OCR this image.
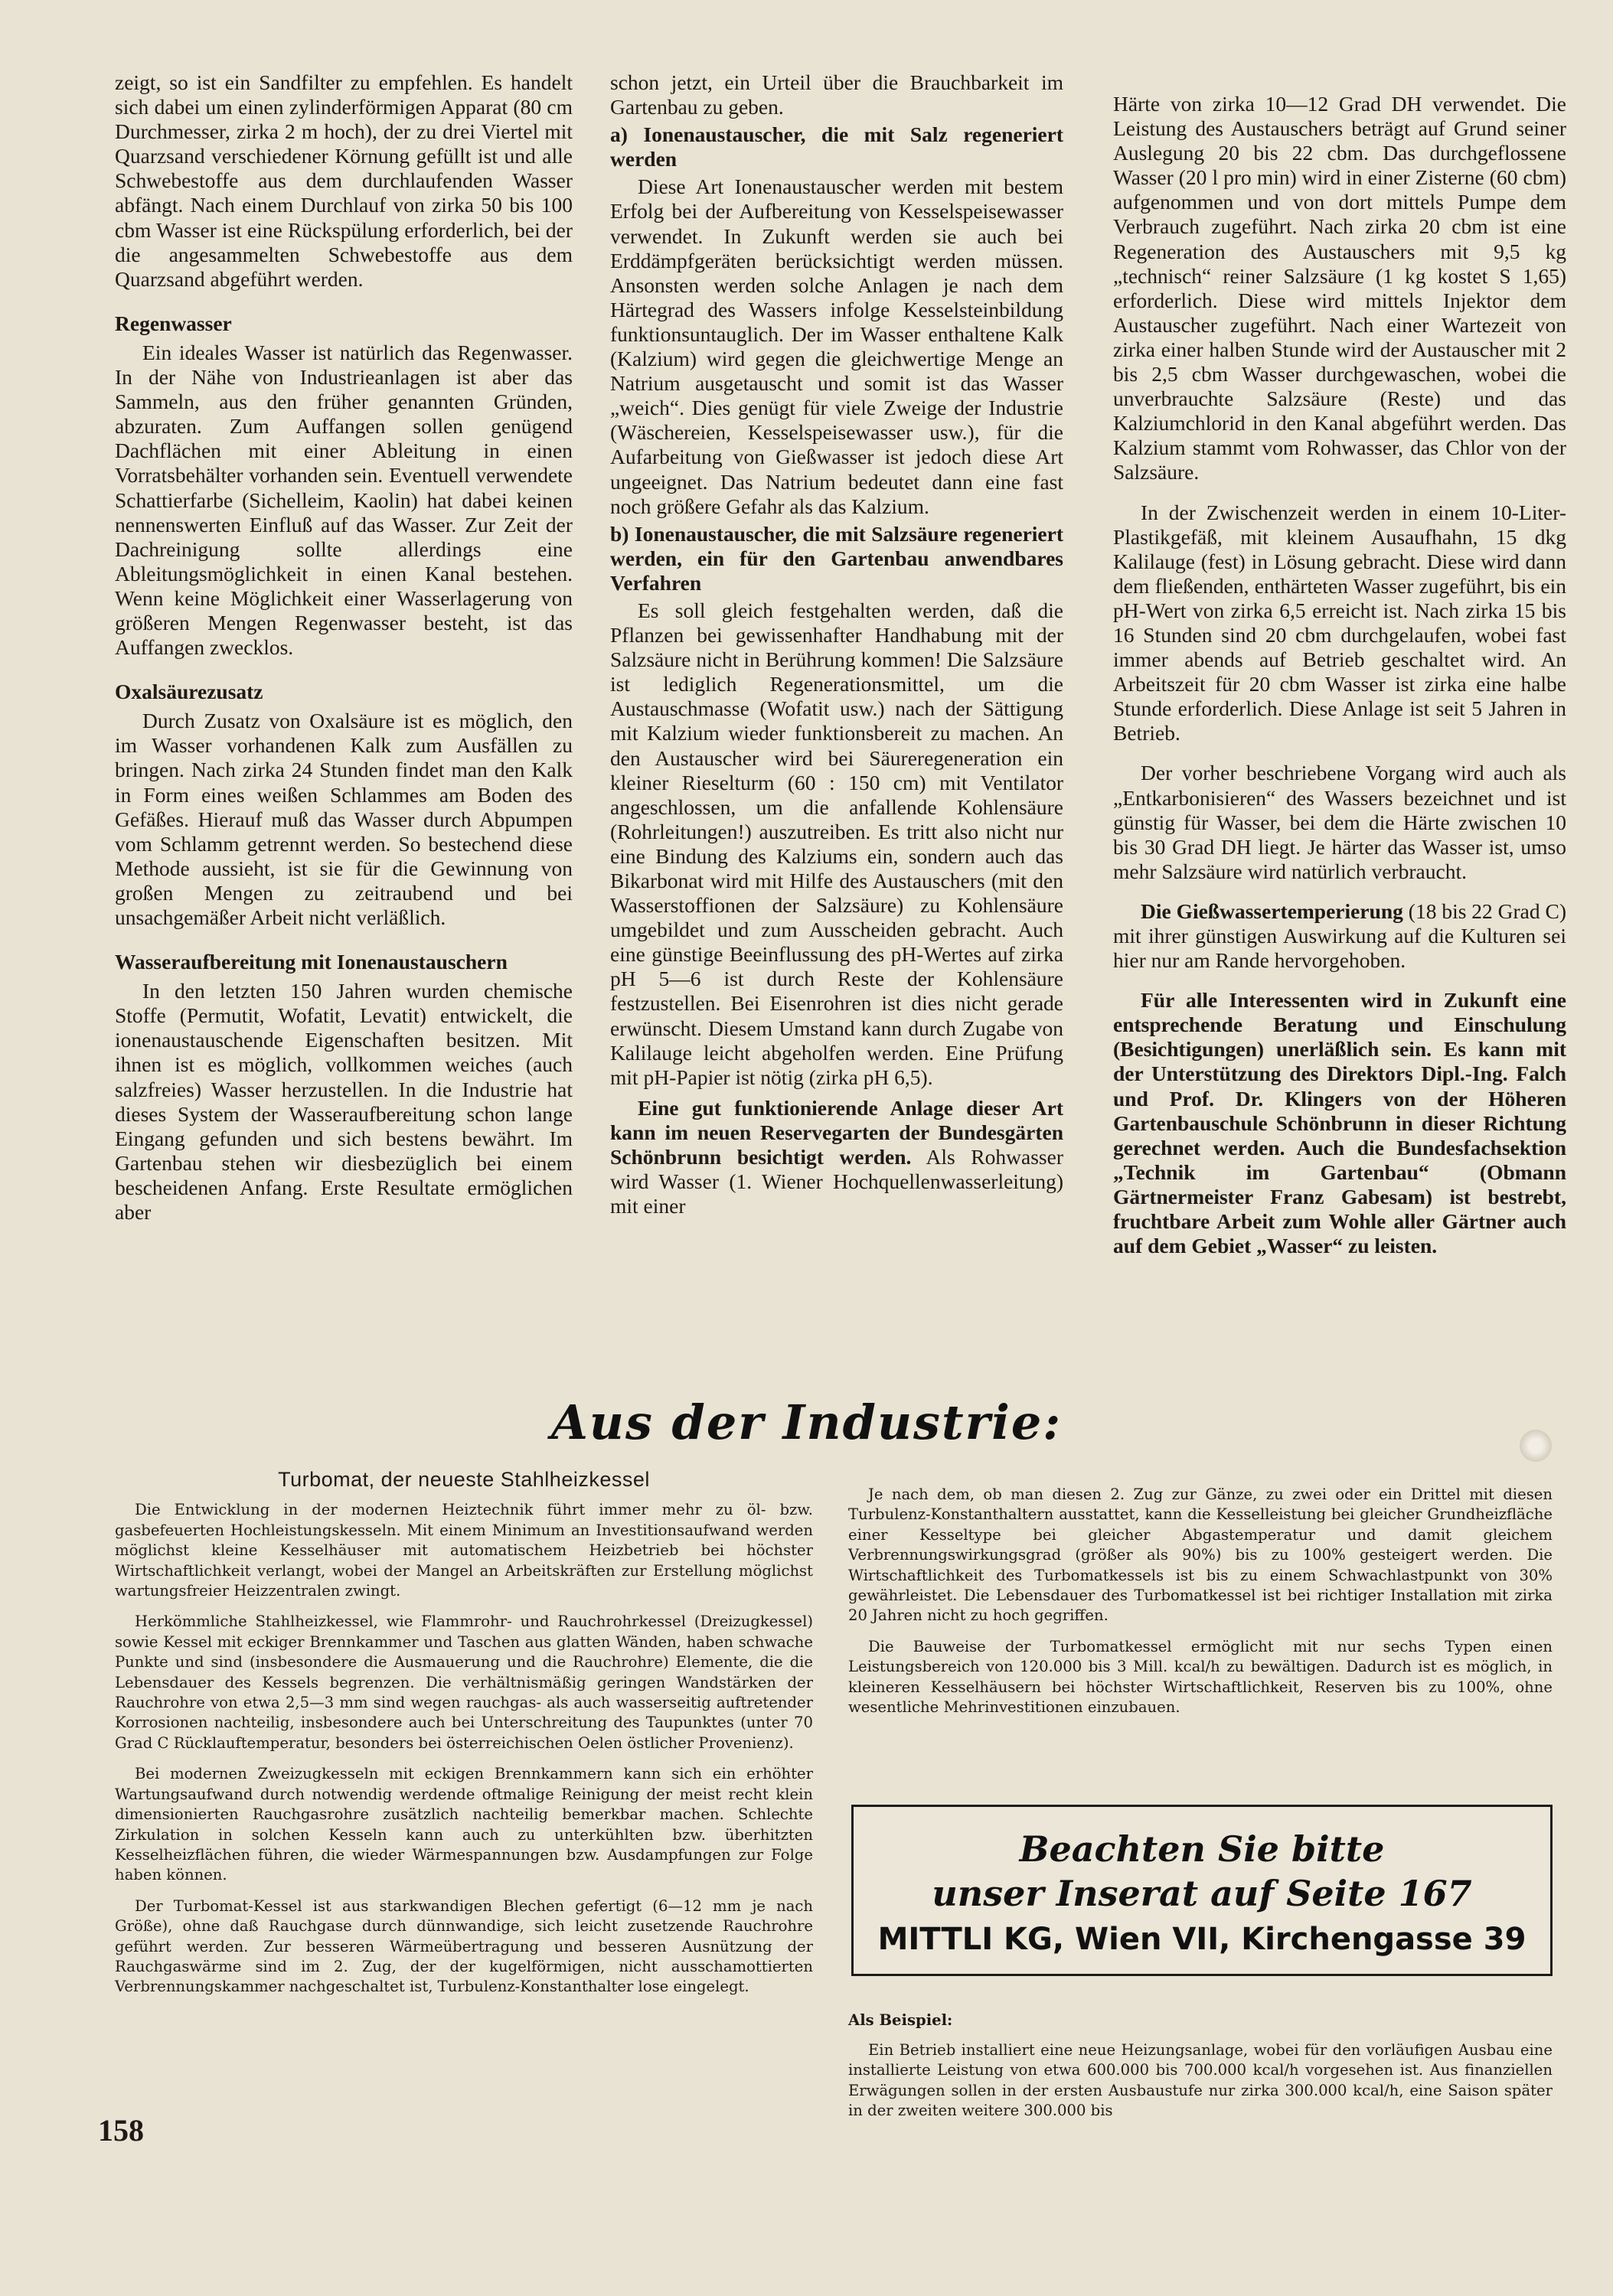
zeigt, so ist ein Sandfilter zu empfehlen. Es handelt sich dabei um einen zylinderförmigen Apparat (80 cm Durchmesser, zirka 2 m hoch), der zu drei Viertel mit Quarzsand verschiedener Körnung gefüllt ist und alle Schwebestoffe aus dem durchlaufenden Wasser abfängt. Nach einem Durchlauf von zirka 50 bis 100 cbm Wasser ist eine Rückspülung erforderlich, bei der die angesammelten Schwebestoffe aus dem Quarzsand abgeführt werden.

Regenwasser

Ein ideales Wasser ist natürlich das Regenwasser. In der Nähe von Industrieanlagen ist aber das Sammeln, aus den früher genannten Gründen, abzuraten. Zum Auffangen sollen genügend Dachflächen mit einer Ableitung in einen Vorratsbehälter vorhanden sein. Eventuell verwendete Schattierfarbe (Sichelleim, Kaolin) hat dabei keinen nennenswerten Einfluß auf das Wasser. Zur Zeit der Dachreinigung sollte allerdings eine Ableitungsmöglichkeit in einen Kanal bestehen. Wenn keine Möglichkeit einer Wasserlagerung von größeren Mengen Regenwasser besteht, ist das Auffangen zwecklos.

Oxalsäurezusatz

Durch Zusatz von Oxalsäure ist es möglich, den im Wasser vorhandenen Kalk zum Ausfällen zu bringen. Nach zirka 24 Stunden findet man den Kalk in Form eines weißen Schlammes am Boden des Gefäßes. Hierauf muß das Wasser durch Abpumpen vom Schlamm getrennt werden. So bestechend diese Methode aussieht, ist sie für die Gewinnung von großen Mengen zu zeitraubend und bei unsachgemäßer Arbeit nicht verläßlich.

Wasseraufbereitung mit Ionenaustauschern

In den letzten 150 Jahren wurden chemische Stoffe (Permutit, Wofatit, Levatit) entwickelt, die ionenaustauschende Eigenschaften besitzen. Mit ihnen ist es möglich, vollkommen weiches (auch salzfreies) Wasser herzustellen. In die Industrie hat dieses System der Wasseraufbereitung schon lange Eingang gefunden und sich bestens bewährt. Im Gartenbau stehen wir diesbezüglich bei einem bescheidenen Anfang. Erste Resultate ermöglichen aber

schon jetzt, ein Urteil über die Brauchbarkeit im Gartenbau zu geben.

a) Ionenaustauscher, die mit Salz regeneriert werden

Diese Art Ionenaustauscher werden mit bestem Erfolg bei der Aufbereitung von Kesselspeisewasser verwendet. In Zukunft werden sie auch bei Erddämpfgeräten berücksichtigt werden müssen. Ansonsten werden solche Anlagen je nach dem Härtegrad des Wassers infolge Kesselsteinbildung funktionsuntauglich. Der im Wasser enthaltene Kalk (Kalzium) wird gegen die gleichwertige Menge an Natrium ausgetauscht und somit ist das Wasser „weich“. Dies genügt für viele Zweige der Industrie (Wäschereien, Kesselspeisewasser usw.), für die Aufarbeitung von Gießwasser ist jedoch diese Art ungeeignet. Das Natrium bedeutet dann eine fast noch größere Gefahr als das Kalzium.

b) Ionenaustauscher, die mit Salzsäure regeneriert werden, ein für den Gartenbau anwendbares Verfahren

Es soll gleich festgehalten werden, daß die Pflanzen bei gewissenhafter Handhabung mit der Salzsäure nicht in Berührung kommen! Die Salzsäure ist lediglich Regenerationsmittel, um die Austauschmasse (Wofatit usw.) nach der Sättigung mit Kalzium wieder funktionsbereit zu machen. An den Austauscher wird bei Säureregeneration ein kleiner Rieselturm (60 : 150 cm) mit Ventilator angeschlossen, um die anfallende Kohlensäure (Rohrleitungen!) auszutreiben. Es tritt also nicht nur eine Bindung des Kalziums ein, sondern auch das Bikarbonat wird mit Hilfe des Austauschers (mit den Wasserstoffionen der Salzsäure) zu Kohlensäure umgebildet und zum Ausscheiden gebracht. Auch eine günstige Beeinflussung des pH-Wertes auf zirka pH 5—6 ist durch Reste der Kohlensäure festzustellen. Bei Eisenrohren ist dies nicht gerade erwünscht. Diesem Umstand kann durch Zugabe von Kalilauge leicht abgeholfen werden. Eine Prüfung mit pH-Papier ist nötig (zirka pH 6,5).

Eine gut funktionierende Anlage dieser Art kann im neuen Reservegarten der Bundesgärten Schönbrunn besichtigt werden. Als Rohwasser wird Wasser (1. Wiener Hochquellenwasserleitung) mit einer

Härte von zirka 10—12 Grad DH verwendet. Die Leistung des Austauschers beträgt auf Grund seiner Auslegung 20 bis 22 cbm. Das durchgeflossene Wasser (20 l pro min) wird in einer Zisterne (60 cbm) aufgenommen und von dort mittels Pumpe dem Verbrauch zugeführt. Nach zirka 20 cbm ist eine Regeneration des Austauschers mit 9,5 kg „technisch“ reiner Salzsäure (1 kg kostet S 1,65) erforderlich. Diese wird mittels Injektor dem Austauscher zugeführt. Nach einer Wartezeit von zirka einer halben Stunde wird der Austauscher mit 2 bis 2,5 cbm Wasser durchgewaschen, wobei die unverbrauchte Salzsäure (Reste) und das Kalziumchlorid in den Kanal abgeführt werden. Das Kalzium stammt vom Rohwasser, das Chlor von der Salzsäure.

In der Zwischenzeit werden in einem 10-Liter-Plastikgefäß, mit kleinem Ausaufhahn, 15 dkg Kalilauge (fest) in Lösung gebracht. Diese wird dann dem fließenden, enthärteten Wasser zugeführt, bis ein pH-Wert von zirka 6,5 erreicht ist. Nach zirka 15 bis 16 Stunden sind 20 cbm durchgelaufen, wobei fast immer abends auf Betrieb geschaltet wird. An Arbeitszeit für 20 cbm Wasser ist zirka eine halbe Stunde erforderlich. Diese Anlage ist seit 5 Jahren in Betrieb.

Der vorher beschriebene Vorgang wird auch als „Entkarbonisieren“ des Wassers bezeichnet und ist günstig für Wasser, bei dem die Härte zwischen 10 bis 30 Grad DH liegt. Je härter das Wasser ist, umso mehr Salzsäure wird natürlich verbraucht.

Die Gießwassertemperierung (18 bis 22 Grad C) mit ihrer günstigen Auswirkung auf die Kulturen sei hier nur am Rande hervorgehoben.

Für alle Interessenten wird in Zukunft eine entsprechende Beratung und Einschulung (Besichtigungen) unerläßlich sein. Es kann mit der Unterstützung des Direktors Dipl.-Ing. Falch und Prof. Dr. Klingers von der Höheren Gartenbauschule Schönbrunn in dieser Richtung gerechnet werden. Auch die Bundesfachsektion „Technik im Gartenbau“ (Obmann Gärtnermeister Franz Gabesam) ist bestrebt, fruchtbare Arbeit zum Wohle aller Gärtner auch auf dem Gebiet „Wasser“ zu leisten.

Aus der Industrie:
Turbomat, der neueste Stahlheizkessel

Die Entwicklung in der modernen Heiztechnik führt immer mehr zu öl- bzw. gasbefeuerten Hochleistungskesseln. Mit einem Minimum an Investitionsaufwand werden möglichst kleine Kesselhäuser mit automatischem Heizbetrieb bei höchster Wirtschaftlichkeit verlangt, wobei der Mangel an Arbeitskräften zur Erstellung möglichst wartungsfreier Heizzentralen zwingt.

Herkömmliche Stahlheizkessel, wie Flammrohr- und Rauchrohrkessel (Dreizugkessel) sowie Kessel mit eckiger Brennkammer und Taschen aus glatten Wänden, haben schwache Punkte und sind (insbesondere die Ausmauerung und die Rauchrohre) Elemente, die die Lebensdauer des Kessels begrenzen. Die verhältnismäßig geringen Wandstärken der Rauchrohre von etwa 2,5—3 mm sind wegen rauchgas- als auch wasserseitig auftretender Korrosionen nachteilig, insbesondere auch bei Unterschreitung des Taupunktes (unter 70 Grad C Rücklauftemperatur, besonders bei österreichischen Oelen östlicher Provenienz).

Bei modernen Zweizugkesseln mit eckigen Brennkammern kann sich ein erhöhter Wartungsaufwand durch notwendig werdende oftmalige Reinigung der meist recht klein dimensionierten Rauchgasrohre zusätzlich nachteilig bemerkbar machen. Schlechte Zirkulation in solchen Kesseln kann auch zu unterkühlten bzw. überhitzten Kesselheizflächen führen, die wieder Wärmespannungen bzw. Ausdampfungen zur Folge haben können.

Der Turbomat-Kessel ist aus starkwandigen Blechen gefertigt (6—12 mm je nach Größe), ohne daß Rauchgase durch dünnwandige, sich leicht zusetzende Rauchrohre geführt werden. Zur besseren Wärmeübertragung und besseren Ausnützung der Rauchgaswärme sind im 2. Zug, der der kugelförmigen, nicht ausschamottierten Verbrennungskammer nachgeschaltet ist, Turbulenz-Konstanthalter lose eingelegt.

Je nach dem, ob man diesen 2. Zug zur Gänze, zu zwei oder ein Drittel mit diesen Turbulenz-Konstanthaltern ausstattet, kann die Kesselleistung bei gleicher Grundheizfläche einer Kesseltype bei gleicher Abgastemperatur und damit gleichem Verbrennungswirkungsgrad (größer als 90%) bis zu 100% gesteigert werden. Die Wirtschaftlichkeit des Turbomatkessels ist bis zu einem Schwachlastpunkt von 30% gewährleistet. Die Lebensdauer des Turbomatkessel ist bei richtiger Installation mit zirka 20 Jahren nicht zu hoch gegriffen.

Die Bauweise der Turbomatkessel ermöglicht mit nur sechs Typen einen Leistungsbereich von 120.000 bis 3 Mill. kcal/h zu bewältigen. Dadurch ist es möglich, in kleineren Kesselhäusern bei höchster Wirtschaftlichkeit, Reserven bis zu 100%, ohne wesentliche Mehrinvestitionen einzubauen.

Beachten Sie bitte
unser Inserat auf Seite 167
MITTLI KG, Wien VII, Kirchengasse 39
Als Beispiel:

Ein Betrieb installiert eine neue Heizungsanlage, wobei für den vorläufigen Ausbau eine installierte Leistung von etwa 600.000 bis 700.000 kcal/h vorgesehen ist. Aus finanziellen Erwägungen sollen in der ersten Ausbaustufe nur zirka 300.000 kcal/h, eine Saison später in der zweiten weitere 300.000 bis

158
